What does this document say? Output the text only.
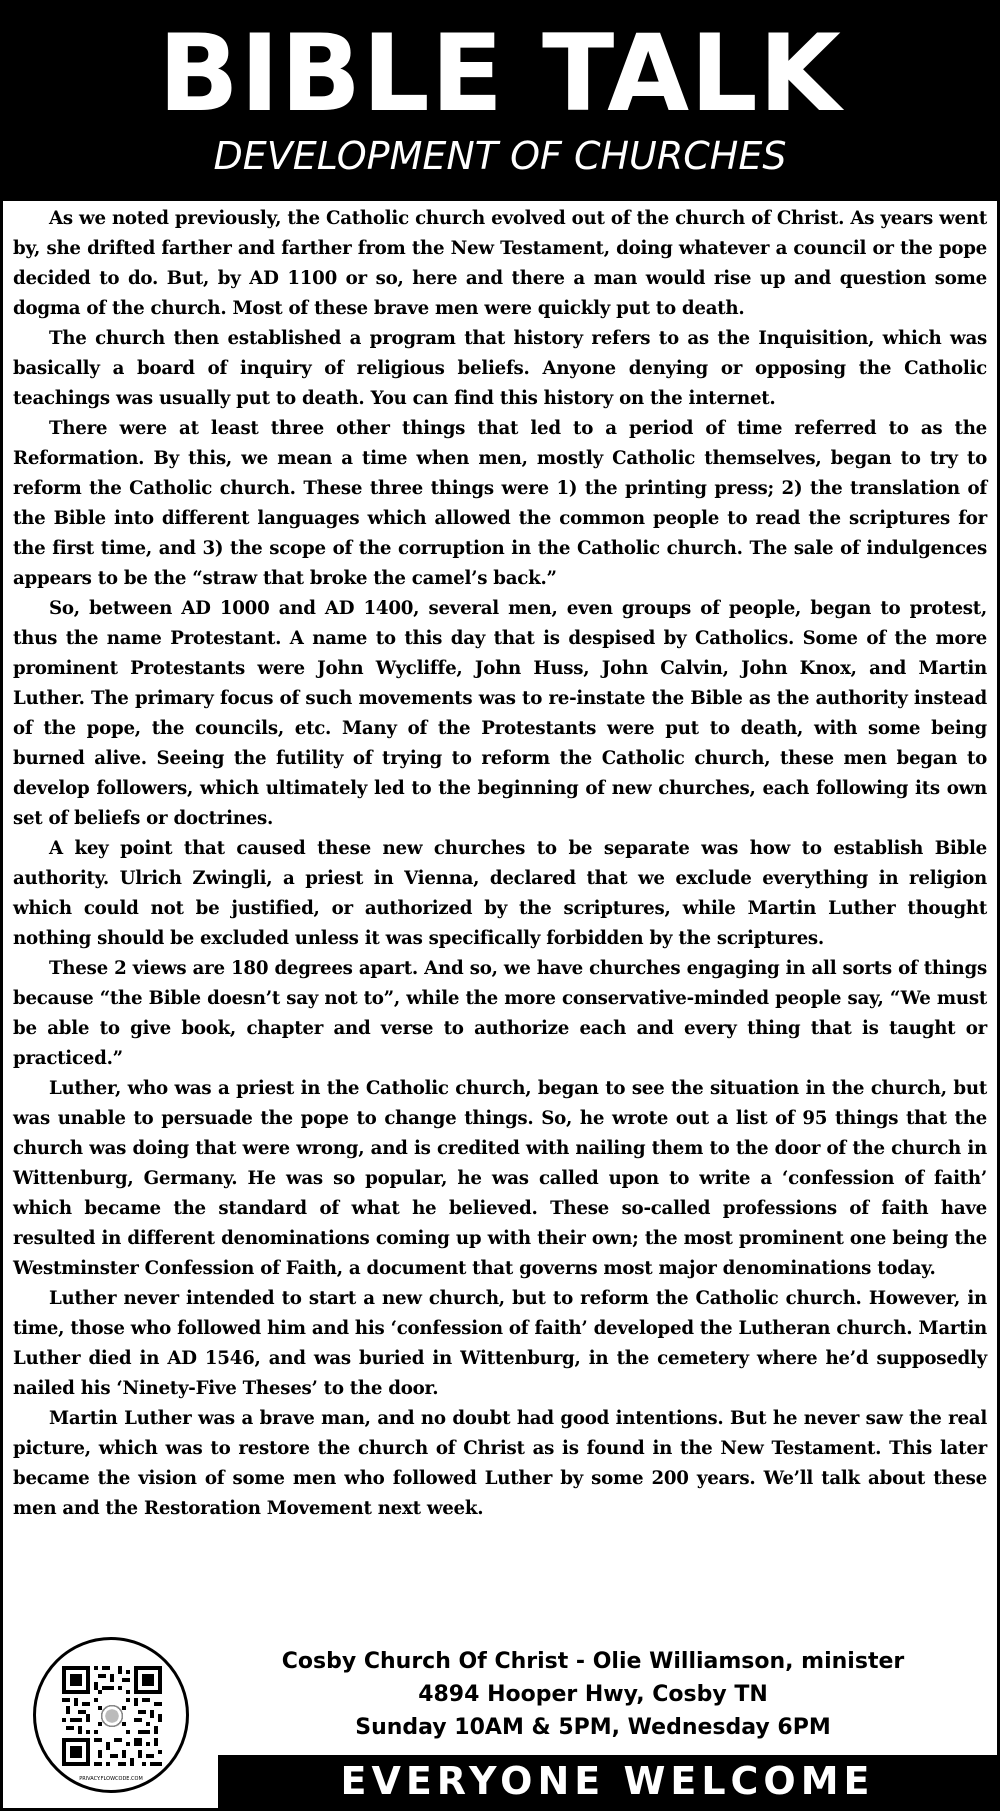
BIBLE TALK
DEVELOPMENT OF CHURCHES

As we noted previously, the Catholic church evolved out of the church of Christ. As years went by, she drifted farther and farther from the New Testament, doing whatever a council or the pope decided to do. But, by AD 1100 or so, here and there a man would rise up and question some dogma of the church. Most of these brave men were quickly put to death.

The church then established a program that history refers to as the Inquisition, which was basically a board of inquiry of religious beliefs. Anyone denying or opposing the Catholic teachings was usually put to death. You can find this history on the internet.

There were at least three other things that led to a period of time referred to as the Reformation. By this, we mean a time when men, mostly Catholic themselves, began to try to reform the Catholic church. These three things were 1) the printing press; 2) the translation of the Bible into different languages which allowed the common people to read the scriptures for the first time, and 3) the scope of the corruption in the Catholic church. The sale of indulgences appears to be the “straw that broke the camel’s back.”

So, between AD 1000 and AD 1400, several men, even groups of people, began to protest, thus the name Protestant. A name to this day that is despised by Catholics. Some of the more prominent Protestants were John Wycliffe, John Huss, John Calvin, John Knox, and Martin Luther. The primary focus of such movements was to re-instate the Bible as the authority instead of the pope, the councils, etc. Many of the Protestants were put to death, with some being burned alive. Seeing the futility of trying to reform the Catholic church, these men began to develop followers, which ultimately led to the beginning of new churches, each following its own set of beliefs or doctrines.

A key point that caused these new churches to be separate was how to establish Bible authority. Ulrich Zwingli, a priest in Vienna, declared that we exclude everything in religion which could not be justified, or authorized by the scriptures, while Martin Luther thought nothing should be excluded unless it was specifically forbidden by the scriptures.

These 2 views are 180 degrees apart. And so, we have churches engaging in all sorts of things because “the Bible doesn’t say not to”, while the more conservative-minded people say, “We must be able to give book, chapter and verse to authorize each and every thing that is taught or practiced.”

Luther, who was a priest in the Catholic church, began to see the situation in the church, but was unable to persuade the pope to change things. So, he wrote out a list of 95 things that the church was doing that were wrong, and is credited with nailing them to the door of the church in Wittenburg, Germany. He was so popular, he was called upon to write a ‘confession of faith’ which became the standard of what he believed. These so-called professions of faith have resulted in different denominations coming up with their own; the most prominent one being the Westminster Confession of Faith, a document that governs most major denominations today.

Luther never intended to start a new church, but to reform the Catholic church. However, in time, those who followed him and his ‘confession of faith’ developed the Lutheran church. Martin Luther died in AD 1546, and was buried in Wittenburg, in the cemetery where he’d supposedly nailed his ‘Ninety-Five Theses’ to the door.

Martin Luther was a brave man, and no doubt had good intentions. But he never saw the real picture, which was to restore the church of Christ as is found in the New Testament. This later became the vision of some men who followed Luther by some 200 years. We’ll talk about these men and the Restoration Movement next week.

PRIVACY.FLOWCODE.COM
Cosby Church Of Christ - Olie Williamson, minister
4894 Hooper Hwy, Cosby TN
Sunday 10AM & 5PM, Wednesday 6PM
EVERYONE WELCOME
